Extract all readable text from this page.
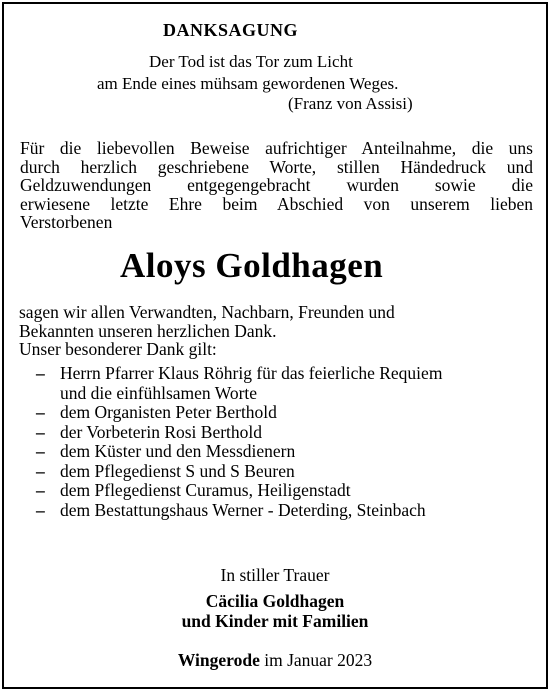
DANKSAGUNG
Der Tod ist das Tor zum Licht
am Ende eines mühsam gewordenen Weges.
(Franz von Assisi)
Für die liebevollen Beweise aufrichtiger Anteilnahme, die uns
durch herzlich geschriebene Worte, stillen Händedruck und
Geldzuwendungen entgegengebracht wurden sowie die
erwiesene letzte Ehre beim Abschied von unserem lieben
Verstorbenen
Aloys Goldhagen
sagen wir allen Verwandten, Nachbarn, Freunden und
Bekannten unseren herzlichen Dank.
Unser besonderer Dank gilt:
– Herrn Pfarrer Klaus Röhrig für das feierliche Requiem
und die einfühlsamen Worte
– dem Organisten Peter Berthold
– der Vorbeterin Rosi Berthold
– dem Küster und den Messdienern
– dem Pflegedienst S und S Beuren
– dem Pflegedienst Curamus, Heiligenstadt
– dem Bestattungshaus Werner - Deterding, Steinbach
In stiller Trauer
Cäcilia Goldhagen
und Kinder mit Familien
Wingerode im Januar 2023
